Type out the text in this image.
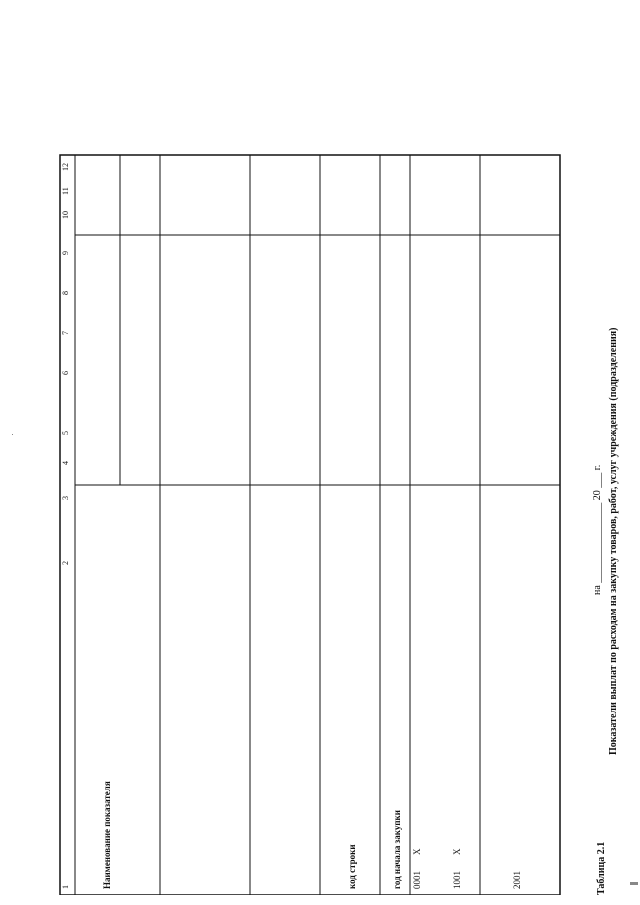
Таблица 2.1
Показатели выплат по расходам на закупку товаров, работ, услуг учреждения (подразделения)
на ________________ 20 ___ г.
Наименование показателя	код строки	год начала закупки
1
2
3
4
5
6
7
8
9
10
11
12
0001
X
1001
X
2001
